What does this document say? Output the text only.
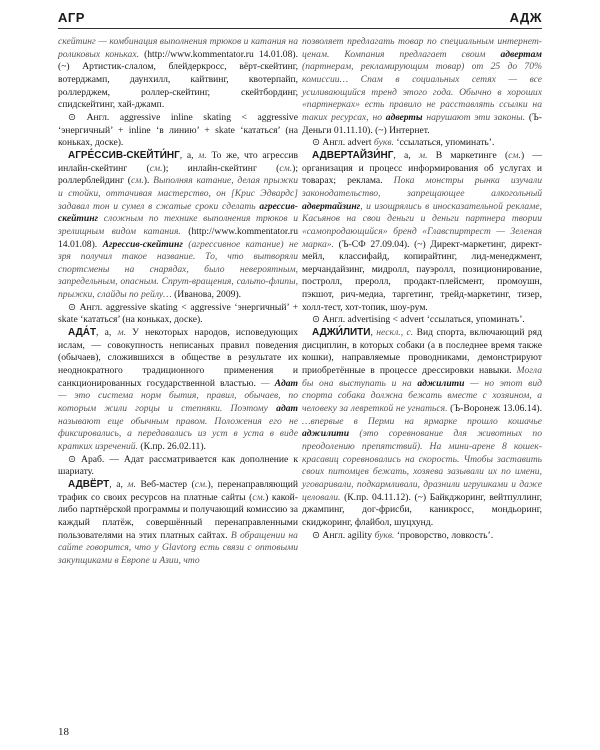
АГР	АДЖ

скейтинг — комбинация выполнения трюков и катания на роликовых коньках. (http://www.kommentator.ru 14.01.08). (~) Артистик-слалом, блейдеркросс, вёрт-скейтинг, вотерджамп, даунхилл, кайтвинг, квотерпайп, роллерджем, роллер-скейтинг, скейтбординг, спидскейтинг, хай-джамп.

⊙ Англ. aggressive inline skating < aggressive ‘энергичный’ + inline ‘в линию’ + skate ‘кататься’ (на коньках, доске).

АГРЕ́ССИВ-СКЕЙТИ́НГ, а, м. То же, что агрессив инлайн-скейтинг (см.); инлайн-скейтинг (см.); роллерблейдинг (см.). Выполняя катание, делая прыжки и стойки, оттачивая мастерство, он [Крис Эдвардс] задавал тон и сумел в сжатые сроки сделать агрессив-скейтинг сложным по технике выполнения трюков и зрелищным видом катания. (http://www.kommentator.ru 14.01.08). Агрессив-скейтинг (агрессивное катание) не зря получил такое название. То, что вытворяли спортсмены на снарядах, было невероятным, запредельным, опасным. Спрут-вращения, сальто-флипы, прыжки, слайды по рейлу… (Иванова, 2009).

⊙ Англ. aggressive skating < aggressive ‘энергичный’ + skate ‘кататься’ (на коньках, доске).

АДА́Т, а, м. У некоторых народов, исповедующих ислам, — совокупность неписаных правил поведения (обычаев), сложившихся в обществе в результате их неоднократного традиционного применения и санкционированных государственной властью. — Адат — это система норм бытия, правил, обычаев, по которым жили горцы и степняки. Поэтому адат называют еще обычным правом. Положения его не фиксировались, а передавались из уст в уста в виде кратких изречений. (К.пр. 26.02.11).

⊙ Араб. — Адат рассматривается как дополнение к шариату.

АДВЁРТ, а, м. Веб-мастер (см.), перенаправляющий трафик со своих ресурсов на платные сайты (см.) какой-либо партнёрской программы и получающий комиссию за каждый платёж, совершённый перенаправленными пользователями на этих платных сайтах. В обращении на сайте говорится, что у Glavtorg есть связи с оптовыми закупщиками в Европе и Азии, что

позволяет предлагать товар по специальным интернет-ценам. Компания предлагает своим адвертам (партнерам, рекламирующим товар) от 25 до 70% комиссии… Спам в социальных сетях — все усиливающийся тренд этого года. Обычно в хороших «партнерках» есть правило не расставлять ссылки на таких ресурсах, но адверты нарушают эти законы. (Ъ-Деньги 01.11.10). (~) Интернет.

⊙ Англ. advert букв. ‘ссылаться, упоминать’.

АДВЕРТАЙЗИ́НГ, а, м. В маркетинге (см.) — организация и процесс информирования об услугах и товарах; реклама. Пока монстры рынка изучали законодательство, запрещающее алкогольный адвертайзинг, и изощрялись в иносказательной рекламе, Касьянов на свои деньги и деньги партнера твории «самопродающийся» бренд «Главспиртрест — Зеленая марка». (Ъ-СФ 27.09.04). (~) Директ-маркетинг, директ-мейл, классифайд, копирайтинг, лид-менеджмент, мерчандайзинг, мидролл, пауэролл, позиционирование, постролл, преролл, продакт-плейсмент, промоушн, пэкшот, рич-медиа, таргетинг, трейд-маркетинг, тизер, холл-тест, хот-топик, шоу-рум.

⊙ Англ. advertising < advert ‘ссылаться, упоминать’.

АДЖИ́ЛИТИ, нескл., с. Вид спорта, включающий ряд дисциплин, в которых собаки (а в последнее время также кошки), направляемые проводниками, демонстрируют приобретённые в процессе дрессировки навыки. Могла бы она выступать и на аджилити — но этот вид спорта собака должна бежать вместе с хозяином, а человеку за левреткой не угнаться. (Ъ-Воронеж 13.06.14). …впервые в Перми на ярмарке прошло кошачье аджилити (это соревнование для животных по преодолению препятствий). На мини-арене 8 кошек-красавиц соревновались на скорость. Чтобы заставить своих питомцев бежать, хозяева зазывали их по имени, уговаривали, подкармливали, дразнили игрушками и даже целовали. (К.пр. 04.11.12). (~) Байкджоринг, вейтпуллинг, джампинг, дог-фрисби, каникросс, мондьоринг, скиджоринг, флайбол, шуцхунд.

⊙ Англ. agility букв. ‘проворство, ловкость’.

18
